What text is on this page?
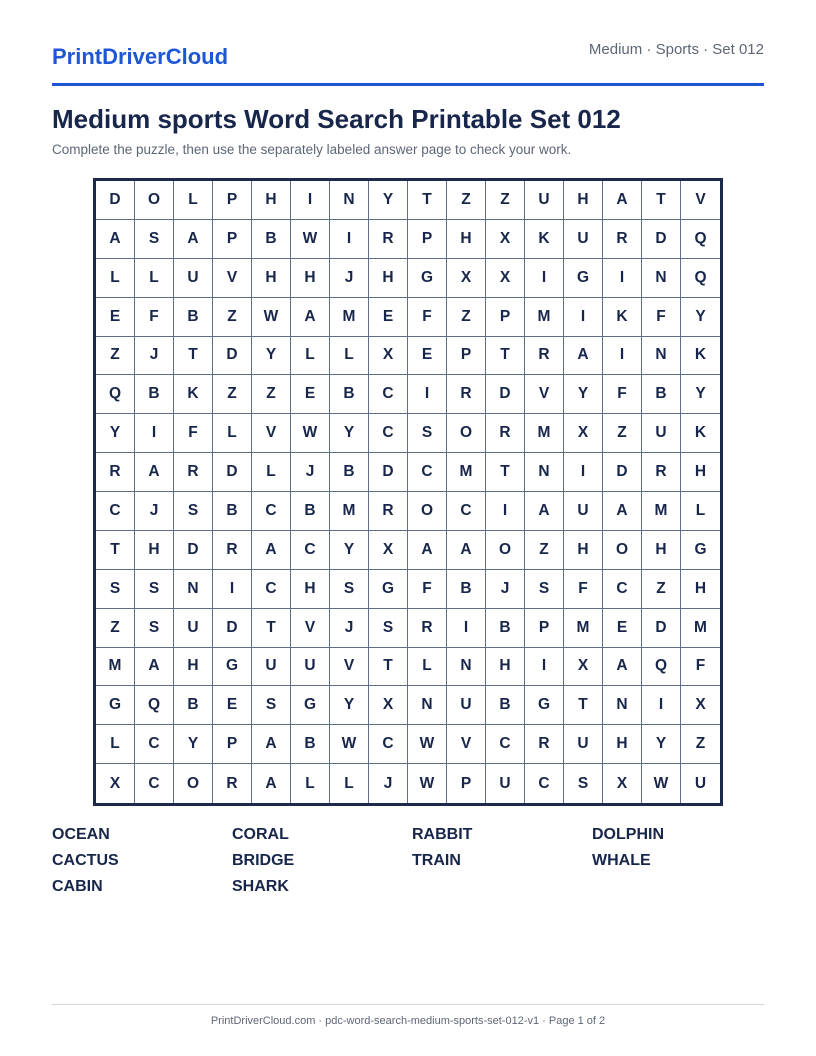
PrintDriverCloud	Medium · Sports · Set 012
Medium sports Word Search Printable Set 012

Complete the puzzle, then use the separately labeled answer page to check your work.

D	O	L	P	H	I	N	Y	T	Z	Z	U	H	A	T	V
A	S	A	P	B	W	I	R	P	H	X	K	U	R	D	Q
L	L	U	V	H	H	J	H	G	X	X	I	G	I	N	Q
E	F	B	Z	W	A	M	E	F	Z	P	M	I	K	F	Y
Z	J	T	D	Y	L	L	X	E	P	T	R	A	I	N	K
Q	B	K	Z	Z	E	B	C	I	R	D	V	Y	F	B	Y
Y	I	F	L	V	W	Y	C	S	O	R	M	X	Z	U	K
R	A	R	D	L	J	B	D	C	M	T	N	I	D	R	H
C	J	S	B	C	B	M	R	O	C	I	A	U	A	M	L
T	H	D	R	A	C	Y	X	A	A	O	Z	H	O	H	G
S	S	N	I	C	H	S	G	F	B	J	S	F	C	Z	H
Z	S	U	D	T	V	J	S	R	I	B	P	M	E	D	M
M	A	H	G	U	U	V	T	L	N	H	I	X	A	Q	F
G	Q	B	E	S	G	Y	X	N	U	B	G	T	N	I	X
L	C	Y	P	A	B	W	C	W	V	C	R	U	H	Y	Z
X	C	O	R	A	L	L	J	W	P	U	C	S	X	W	U
OCEAN	CORAL	RABBIT	DOLPHIN
CACTUS	BRIDGE	TRAIN	WHALE
CABIN	SHARK
PrintDriverCloud.com · pdc-word-search-medium-sports-set-012-v1 · Page 1 of 2
